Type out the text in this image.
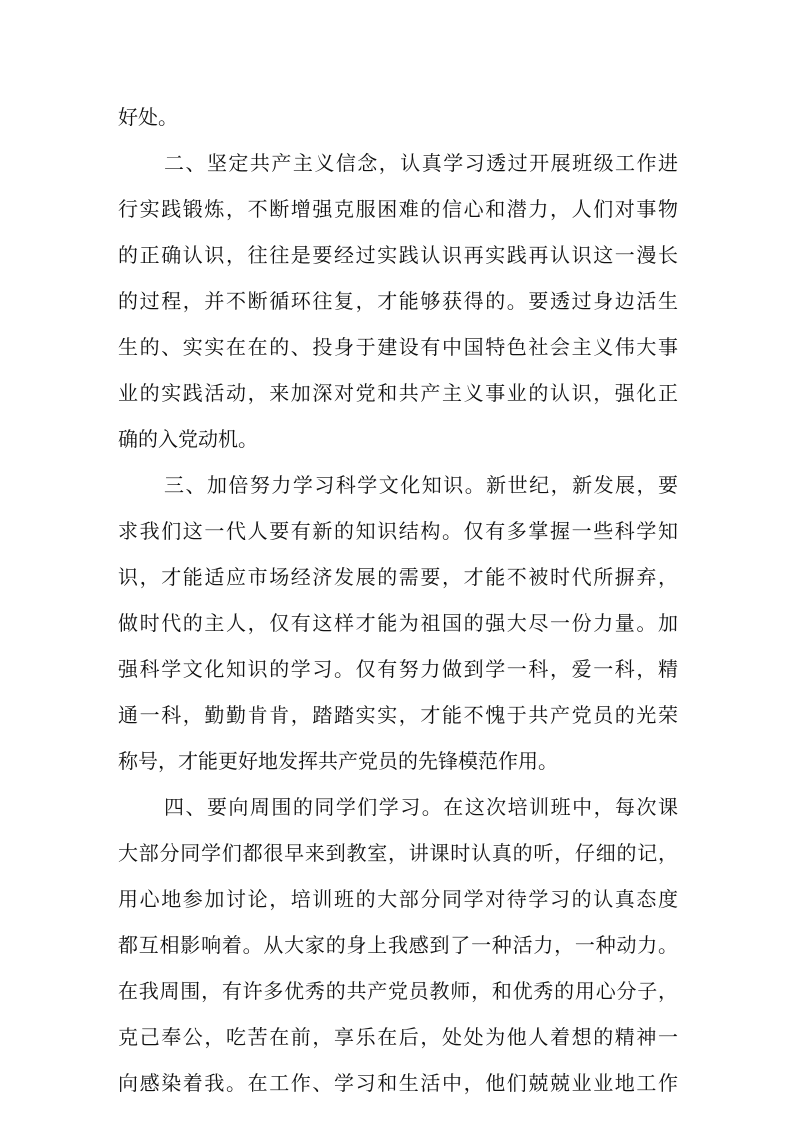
好处。
二、坚定共产主义信念，认真学习透过开展班级工作进
行实践锻炼，不断增强克服困难的信心和潜力，人们对事物
的正确认识，往往是要经过实践认识再实践再认识这一漫长
的过程，并不断循环往复，才能够获得的。要透过身边活生
生的、实实在在的、投身于建设有中国特色社会主义伟大事
业的实践活动，来加深对党和共产主义事业的认识，强化正
确的入党动机。
三、加倍努力学习科学文化知识。新世纪，新发展，要
求我们这一代人要有新的知识结构。仅有多掌握一些科学知
识，才能适应市场经济发展的需要，才能不被时代所摒弃，
做时代的主人，仅有这样才能为祖国的强大尽一份力量。加
强科学文化知识的学习。仅有努力做到学一科，爱一科，精
通一科，勤勤肯肯，踏踏实实，才能不愧于共产党员的光荣
称号，才能更好地发挥共产党员的先锋模范作用。
四、要向周围的同学们学习。在这次培训班中，每次课
大部分同学们都很早来到教室，讲课时认真的听，仔细的记，
用心地参加讨论，培训班的大部分同学对待学习的认真态度
都互相影响着。从大家的身上我感到了一种活力，一种动力。
在我周围，有许多优秀的共产党员教师，和优秀的用心分子，
克己奉公，吃苦在前，享乐在后，处处为他人着想的精神一
向感染着我。在工作、学习和生活中，他们兢兢业业地工作
